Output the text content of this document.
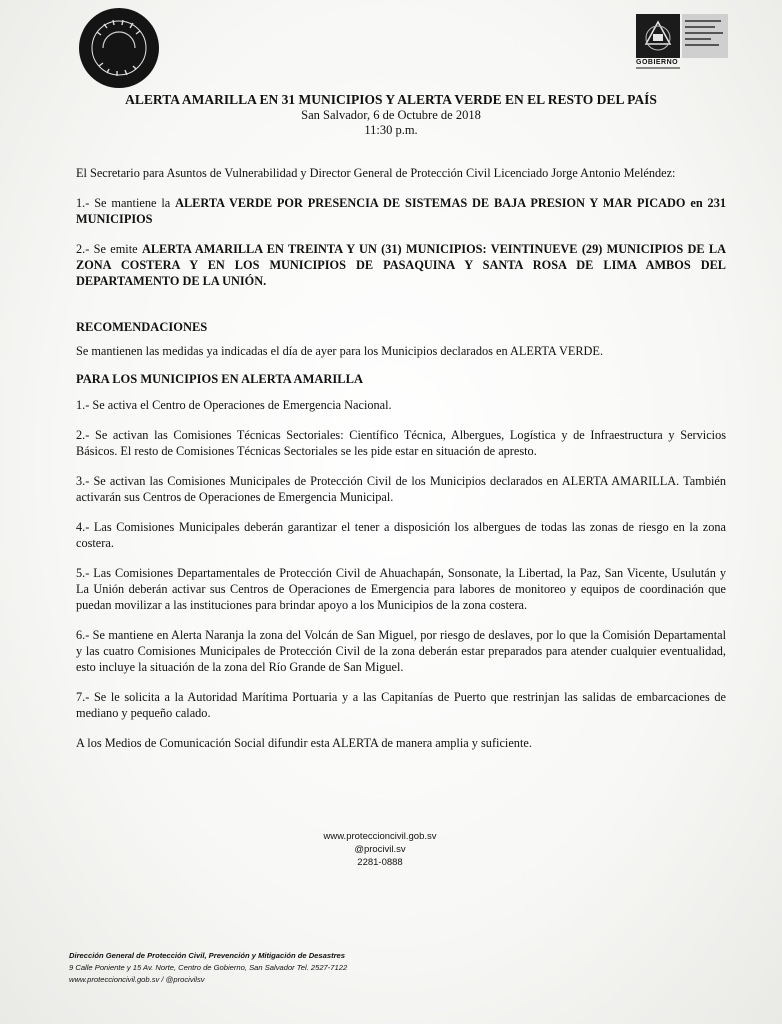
GOBIERNO
ALERTA AMARILLA EN 31 MUNICIPIOS Y ALERTA VERDE EN EL RESTO DEL PAÍS
San Salvador, 6 de Octubre de 2018
11:30 p.m.

El Secretario para Asuntos de Vulnerabilidad y Director General de Protección Civil Licenciado Jorge Antonio Meléndez:

1.- Se mantiene la ALERTA VERDE POR PRESENCIA DE SISTEMAS DE BAJA PRESION Y MAR PICADO en 231 MUNICIPIOS

2.- Se emite ALERTA AMARILLA EN TREINTA Y UN (31) MUNICIPIOS: VEINTINUEVE (29) MUNICIPIOS DE LA ZONA COSTERA Y EN LOS MUNICIPIOS DE PASAQUINA Y SANTA ROSA DE LIMA AMBOS DEL DEPARTAMENTO DE LA UNIÓN.

RECOMENDACIONES

Se mantienen las medidas ya indicadas el día de ayer para los Municipios declarados en ALERTA VERDE.

PARA LOS MUNICIPIOS EN ALERTA AMARILLA

1.- Se activa el Centro de Operaciones de Emergencia Nacional.

2.- Se activan las Comisiones Técnicas Sectoriales: Científico Técnica, Albergues, Logística y de Infraestructura y Servicios Básicos. El resto de Comisiones Técnicas Sectoriales se les pide estar en situación de apresto.

3.- Se activan las Comisiones Municipales de Protección Civil de los Municipios declarados en ALERTA AMARILLA. También activarán sus Centros de Operaciones de Emergencia Municipal.

4.- Las Comisiones Municipales deberán garantizar el tener a disposición los albergues de todas las zonas de riesgo en la zona costera.

5.- Las Comisiones Departamentales de Protección Civil de Ahuachapán, Sonsonate, la Libertad, la Paz, San Vicente, Usulután y La Unión deberán activar sus Centros de Operaciones de Emergencia para labores de monitoreo y equipos de coordinación que puedan movilizar a las instituciones para brindar apoyo a los Municipios de la zona costera.

6.- Se mantiene en Alerta Naranja la zona del Volcán de San Miguel, por riesgo de deslaves, por lo que la Comisión Departamental y las cuatro Comisiones Municipales de Protección Civil de la zona deberán estar preparados para atender cualquier eventualidad, esto incluye la situación de la zona del Río Grande de San Miguel.

7.- Se le solicita a la Autoridad Marítima Portuaria y a las Capitanías de Puerto que restrinjan las salidas de embarcaciones de mediano y pequeño calado.

A los Medios de Comunicación Social difundir esta ALERTA de manera amplia y suficiente.

www.proteccioncivil.gob.sv
@procivil.sv
2281-0888
Dirección General de Protección Civil, Prevención y Mitigación de Desastres
9 Calle Poniente y 15 Av. Norte, Centro de Gobierno, San Salvador Tel. 2527-7122
www.proteccioncivil.gob.sv / @procivilsv
